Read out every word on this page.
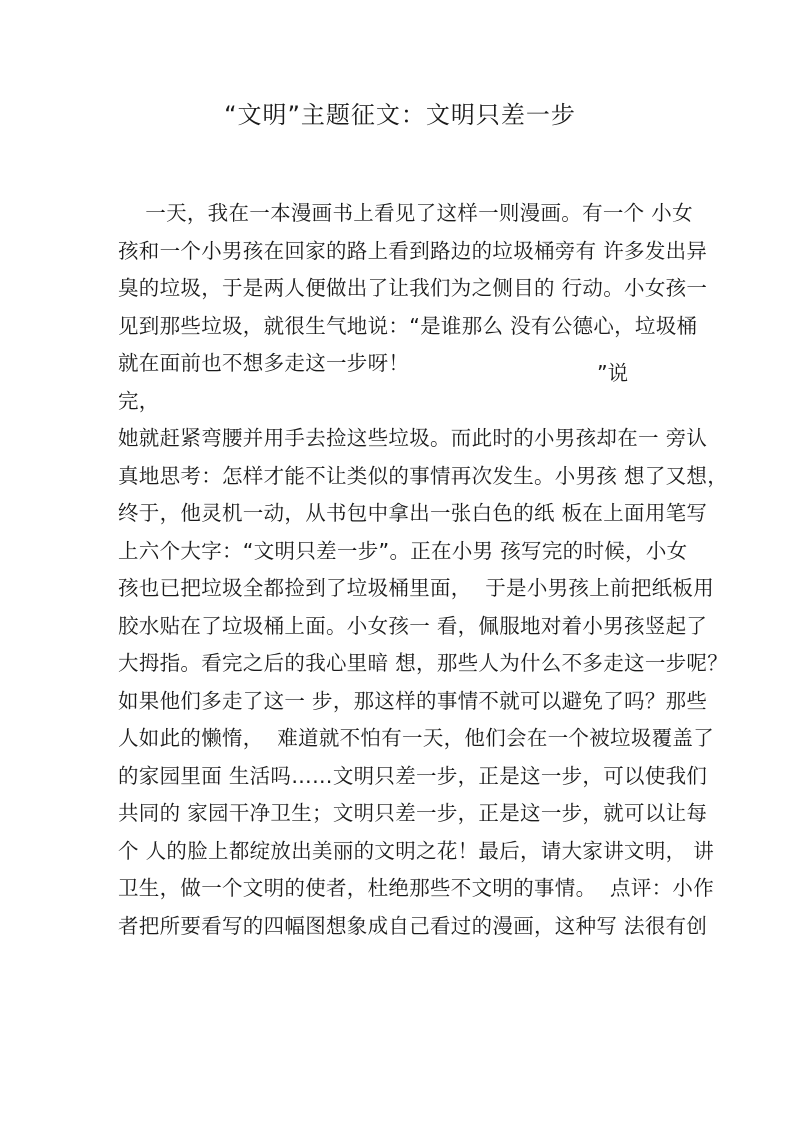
“文明”主题征文：文明只差一步
一天，我在一本漫画书上看见了这样一则漫画。有一个 小女
孩和一个小男孩在回家的路上看到路边的垃圾桶旁有 许多发出异
臭的垃圾，于是两人便做出了让我们为之侧目的 行动。小女孩一
见到那些垃圾，就很生气地说：“是谁那么 没有公德心，垃圾桶
就在面前也不想多走这一步呀！
完，
她就赶紧弯腰并用手去捡这些垃圾。而此时的小男孩却在一 旁认
真地思考：怎样才能不让类似的事情再次发生。小男孩 想了又想，
终于，他灵机一动，从书包中拿出一张白色的纸 板在上面用笔写
上六个大字：“文明只差一步”。正在小男 孩写完的时候，小女
孩也已把垃圾全都捡到了垃圾桶里面，  于是小男孩上前把纸板用
胶水贴在了垃圾桶上面。小女孩一 看，佩服地对着小男孩竖起了
大拇指。看完之后的我心里暗 想，那些人为什么不多走这一步呢？
如果他们多走了这一 步，那这样的事情不就可以避免了吗？那些
人如此的懒惰，  难道就不怕有一天，他们会在一个被垃圾覆盖了
的家园里面 生活吗……文明只差一步，正是这一步，可以使我们
共同的 家园干净卫生；文明只差一步，正是这一步，就可以让每
个 人的脸上都绽放出美丽的文明之花！最后，请大家讲文明， 讲
卫生，做一个文明的使者，杜绝那些不文明的事情。  点评：小作
者把所要看写的四幅图想象成自己看过的漫画，这种写 法很有创
”说
